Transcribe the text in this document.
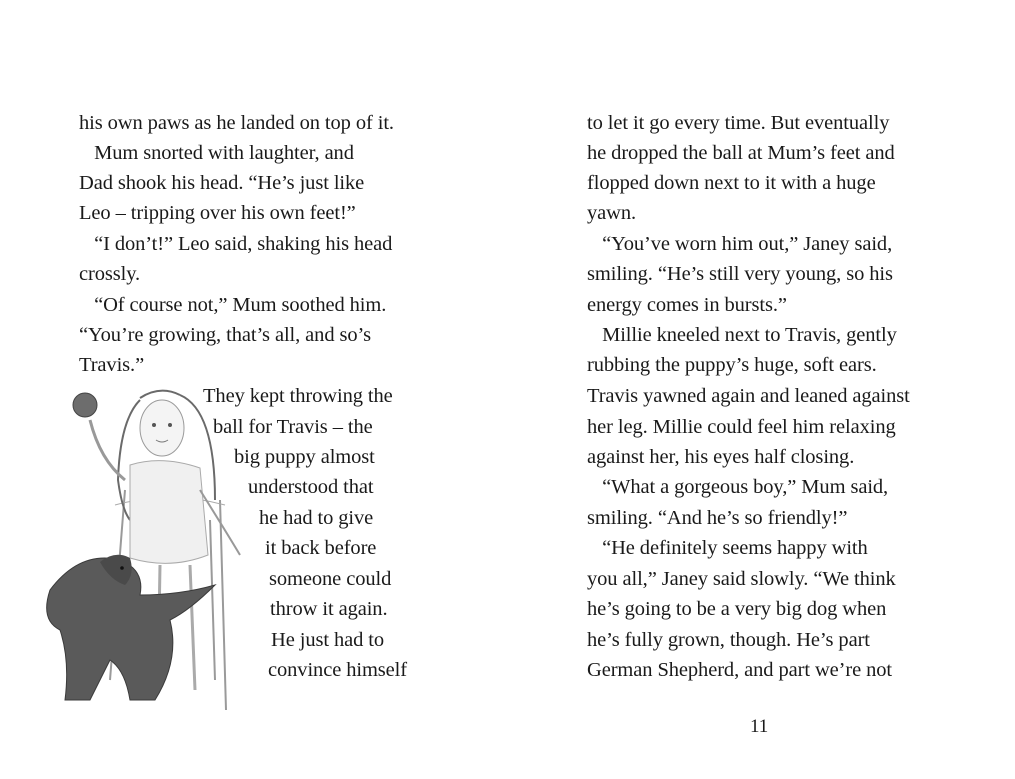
his own paws as he landed on top of it.
Mum snorted with laughter, and
Dad shook his head. “He’s just like
Leo – tripping over his own feet!”
“I don’t!” Leo said, shaking his head
crossly.
“Of course not,” Mum soothed him.
“You’re growing, that’s all, and so’s
Travis.”
They kept throwing the
ball for Travis – the
big puppy almost
understood that
he had to give
it back before
someone could
throw it again.
He just had to
convince himself
to let it go every time. But eventually
he dropped the ball at Mum’s feet and
flopped down next to it with a huge
yawn.
“You’ve worn him out,” Janey said,
smiling. “He’s still very young, so his
energy comes in bursts.”
Millie kneeled next to Travis, gently
rubbing the puppy’s huge, soft ears.
Travis yawned again and leaned against
her leg. Millie could feel him relaxing
against her, his eyes half closing.
“What a gorgeous boy,” Mum said,
smiling. “And he’s so friendly!”
“He definitely seems happy with
you all,” Janey said slowly. “We think
he’s going to be a very big dog when
he’s fully grown, though. He’s part
German Shepherd, and part we’re not
11
